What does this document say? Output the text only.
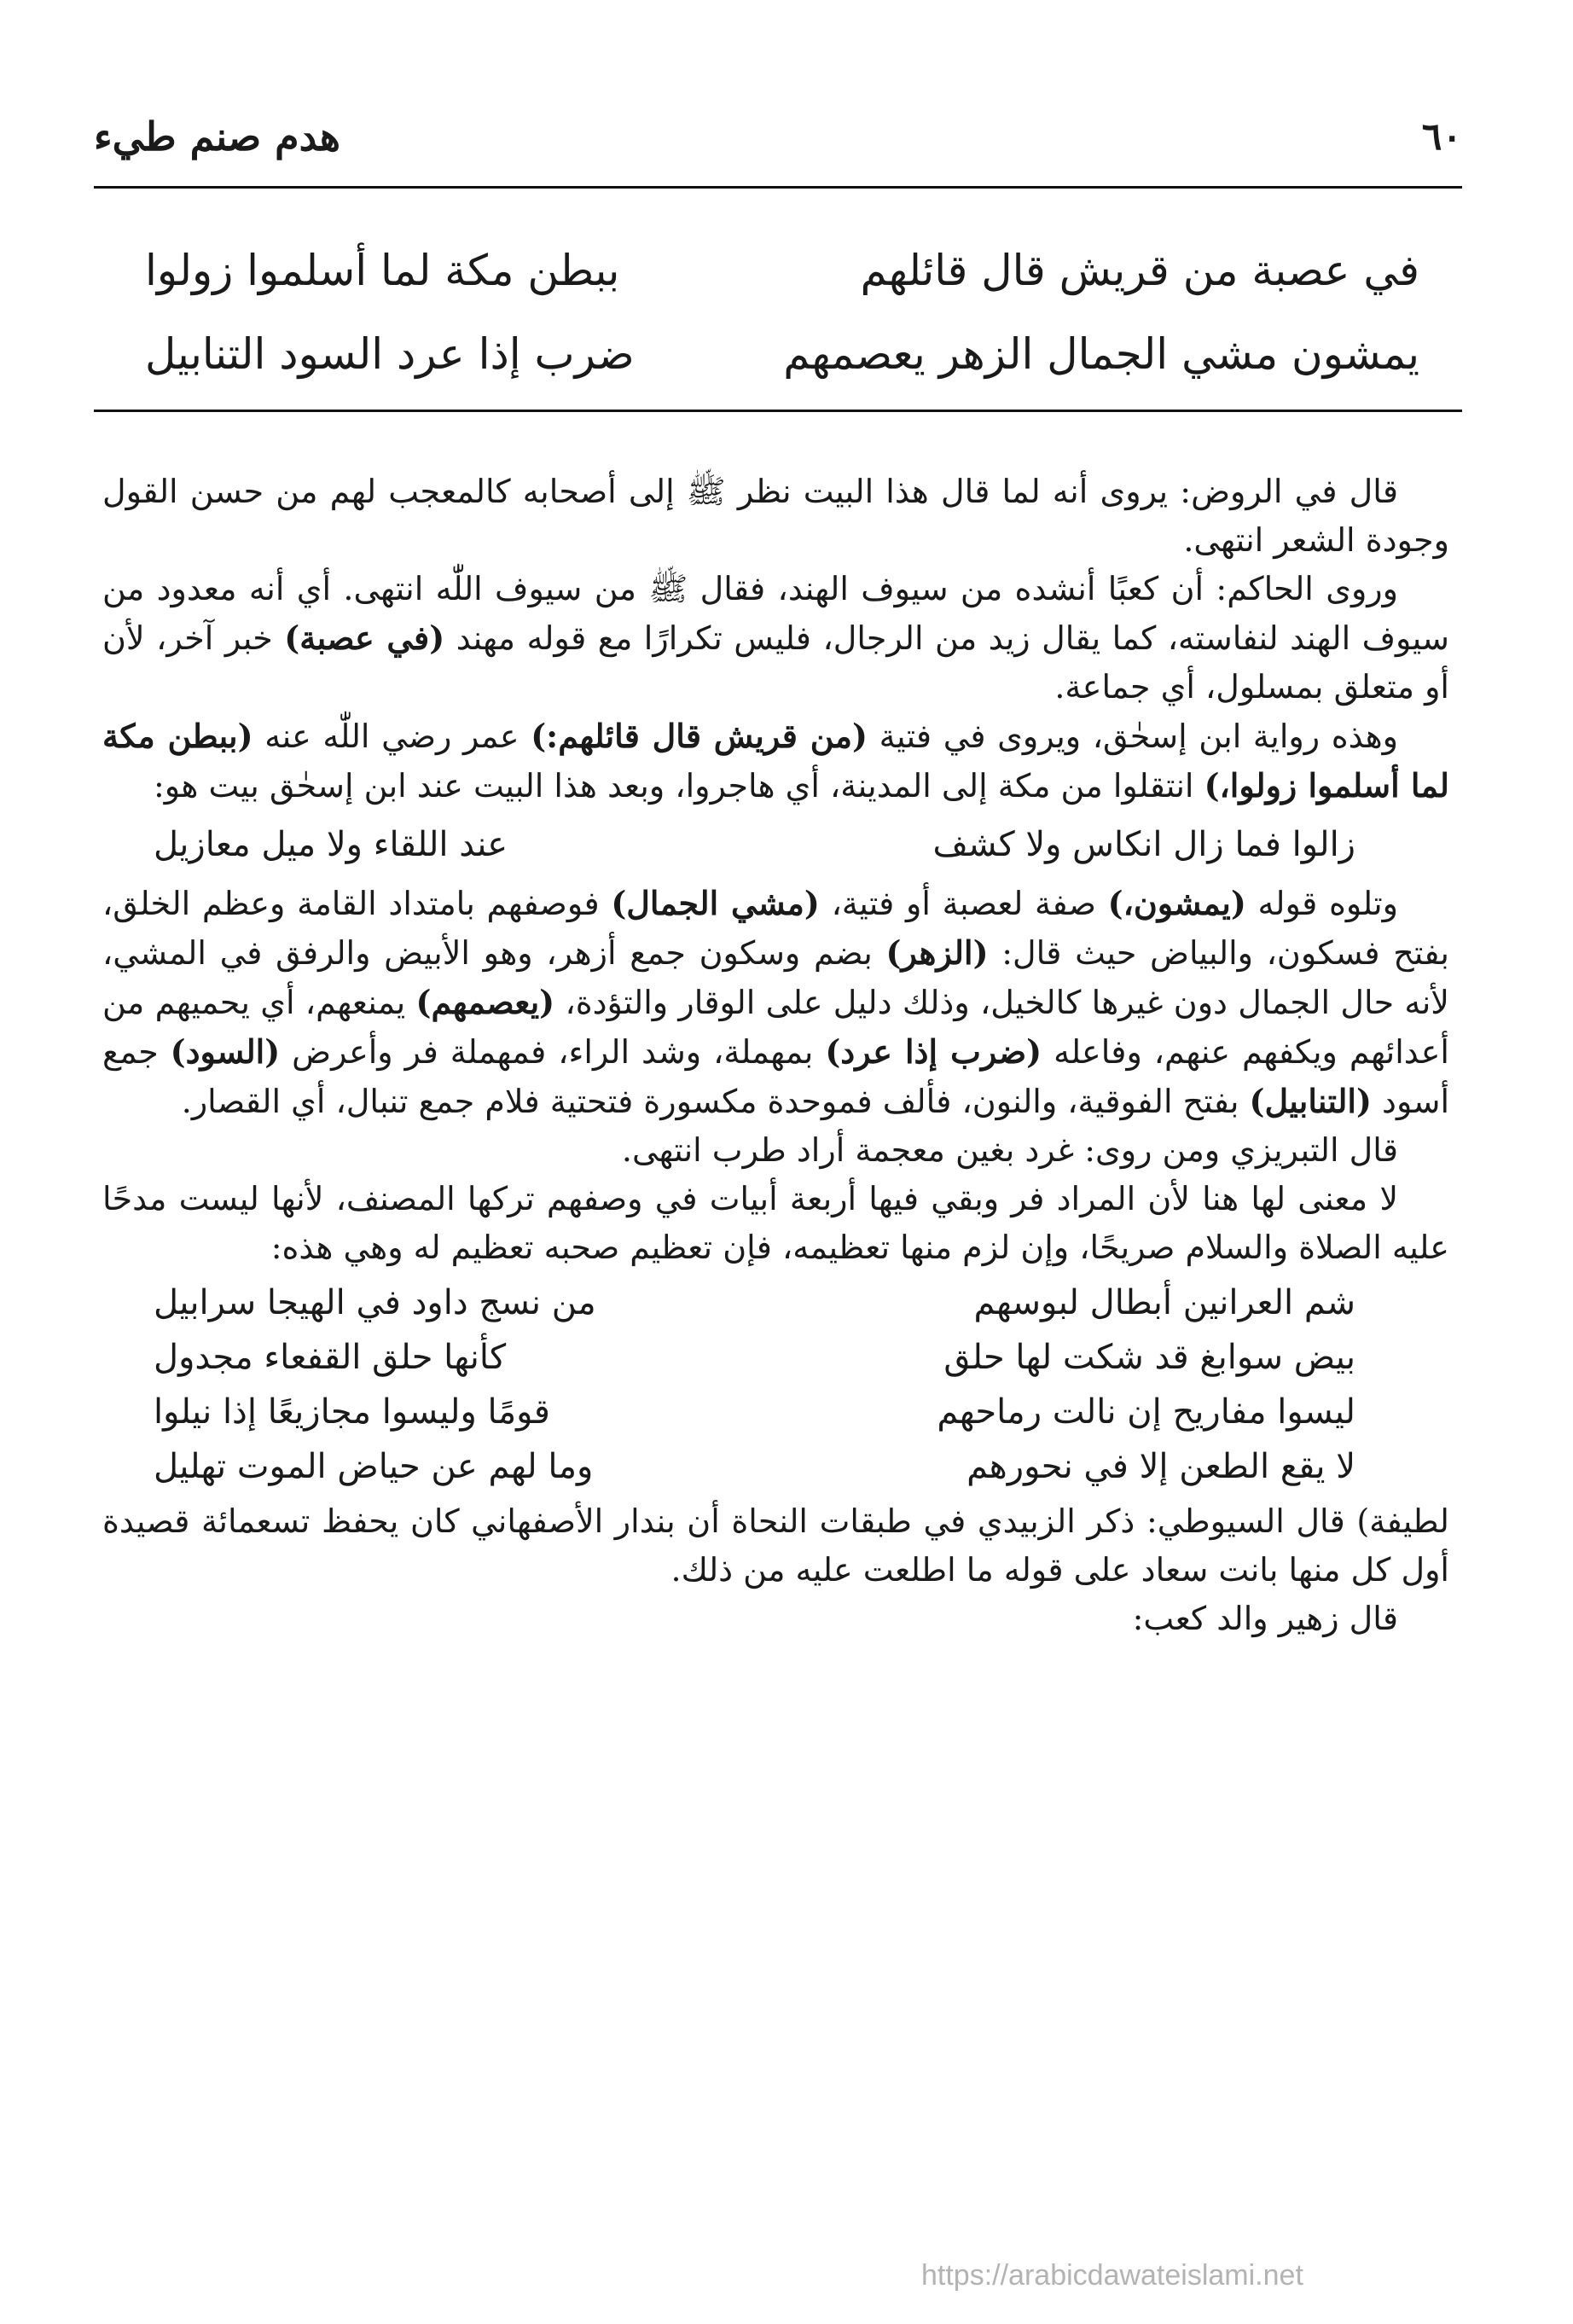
٦٠
هدم صنم طيء
في عصبة من قريش قال قائلهم
ببطن مكة لما أسلموا زولوا
يمشون مشي الجمال الزهر يعصمهم
ضرب إذا عرد السود التنابيل

قال في الروض: يروى أنه لما قال هذا البيت نظر ﷺ إلى أصحابه كالمعجب لهم من حسن القول وجودة الشعر انتهى.

وروى الحاكم: أن كعبًا أنشده من سيوف الهند، فقال ﷺ من سيوف اللّٰه انتهى. أي أنه معدود من سيوف الهند لنفاسته، كما يقال زيد من الرجال، فليس تكرارًا مع قوله مهند (في عصبة) خبر آخر، لأن أو متعلق بمسلول، أي جماعة.

وهذه رواية ابن إسحٰق، ويروى في فتية (من قريش قال قائلهم:) عمر رضي اللّٰه عنه (ببطن مكة لما أسلموا زولوا،) انتقلوا من مكة إلى المدينة، أي هاجروا، وبعد هذا البيت عند ابن إسحٰق بيت هو:

زالوا فما زال انكاس ولا كشف
عند اللقاء ولا ميل معازيل

وتلوه قوله (يمشون،) صفة لعصبة أو فتية، (مشي الجمال) فوصفهم بامتداد القامة وعظم الخلق، بفتح فسكون، والبياض حيث قال: (الزهر) بضم وسكون جمع أزهر، وهو الأبيض والرفق في المشي، لأنه حال الجمال دون غيرها كالخيل، وذلك دليل على الوقار والتؤدة، (يعصمهم) يمنعهم، أي يحميهم من أعدائهم ويكفهم عنهم، وفاعله (ضرب إذا عرد) بمهملة، وشد الراء، فمهملة فر وأعرض (السود) جمع أسود (التنابيل) بفتح الفوقية، والنون، فألف فموحدة مكسورة فتحتية فلام جمع تنبال، أي القصار.

قال التبريزي ومن روى: غرد بغين معجمة أراد طرب انتهى.

لا معنى لها هنا لأن المراد فر وبقي فيها أربعة أبيات في وصفهم تركها المصنف، لأنها ليست مدحًا عليه الصلاة والسلام صريحًا، وإن لزم منها تعظيمه، فإن تعظيم صحبه تعظيم له وهي هذه:

شم العرانين أبطال لبوسهم
من نسج داود في الهيجا سرابيل
بيض سوابغ قد شكت لها حلق
كأنها حلق القفعاء مجدول
ليسوا مفاريح إن نالت رماحهم
قومًا وليسوا مجازيعًا إذا نيلوا
لا يقع الطعن إلا في نحورهم
وما لهم عن حياض الموت تهليل

لطيفة) قال السيوطي: ذكر الزبيدي في طبقات النحاة أن بندار الأصفهاني كان يحفظ تسعمائة قصيدة أول كل منها بانت سعاد على قوله ما اطلعت عليه من ذلك.

قال زهير والد كعب:

https://arabicdawateislami.net
